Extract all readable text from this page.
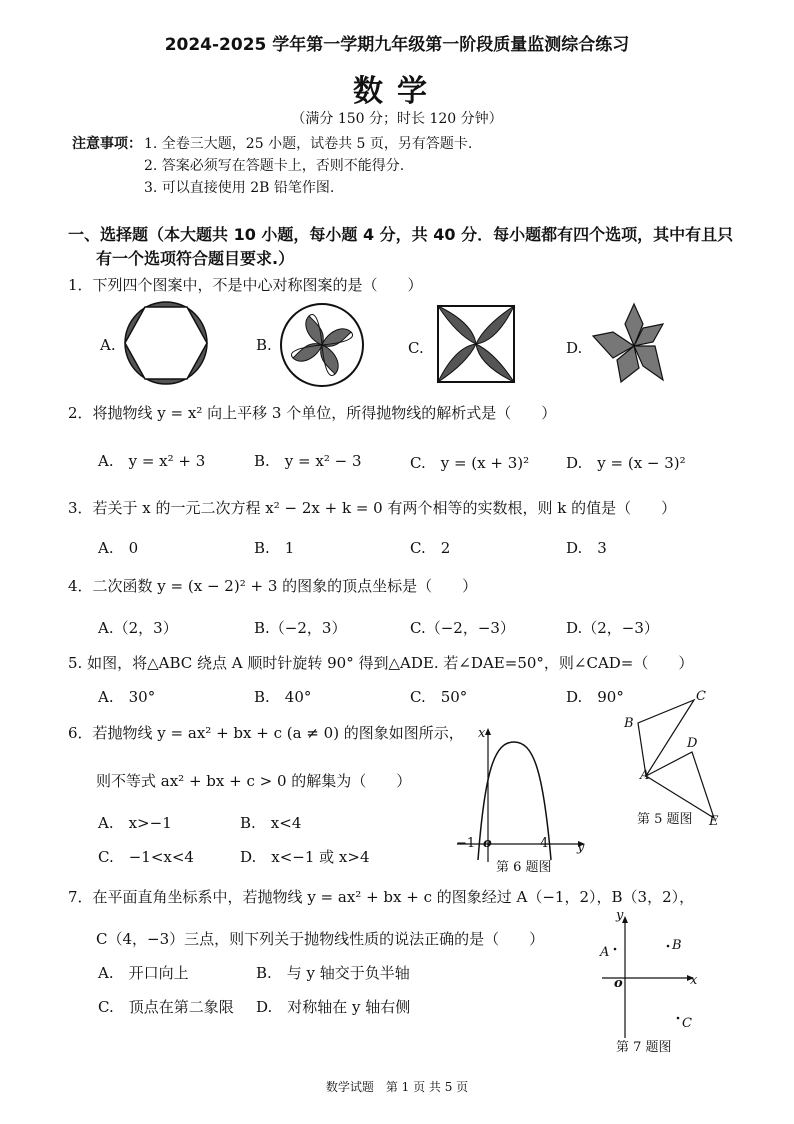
2024-2025 学年第一学期九年级第一阶段质量监测综合练习
数学
（满分 150 分；时长 120 分钟）
注意事项： 1. 全卷三大题，25 小题，试卷共 5 页，另有答题卡.
2. 答案必须写在答题卡上，否则不能得分.
3. 可以直接使用 2B 铅笔作图.
一、选择题（本大题共 10 小题，每小题 4 分，共 40 分．每小题都有四个选项，其中有且只
有一个选项符合题目要求.）
1．下列四个图案中，不是中心对称图案的是（　　）
A.	B.	C.	D.
2．将抛物线 y = x² 向上平移 3 个单位，所得抛物线的解析式是（　　）
A.　y = x² + 3	B.　y = x² − 3	C.　y = (x + 3)² D.　y = (x − 3)²
3．若关于 x 的一元二次方程 x² − 2x + k = 0 有两个相等的实数根，则 k 的值是（　　）
A.　0	B.　1	C.　2	D.　3
4．二次函数 y = (x − 2)² + 3 的图象的顶点坐标是（　　）
A.（2，3）	B.（−2，3）	C.（−2，−3）	D.（2，−3）
5. 如图，将△ABC 绕点 A 顺时针旋转 90° 得到△ADE. 若∠DAE=50°，则∠CAD=（　　）
A.　30°	B.　40°	C.　50°	D.　90°
B
C
D
A
E
第 5 题图
6．若抛物线 y = ax² + bx + c (a ≠ 0) 的图象如图所示，
则不等式 ax² + bx + c > 0 的解集为（　　）
A.　x>−1	B.　x<4
C.　−1<x<4	D.　x<−1 或 x>4
x
y
o
−1	4
第 6 题图
7．在平面直角坐标系中，若抛物线 y = ax² + bx + c 的图象经过 A（−1，2），B（3，2），
C（4，−3）三点，则下列关于抛物线性质的说法正确的是（　　）
A.　开口向上	B.　与 y 轴交于负半轴
C.　顶点在第二象限 D.　对称轴在 y 轴右侧
y
x
o
A	B
C
第 7 题图
数学试题　第 1 页 共 5 页
